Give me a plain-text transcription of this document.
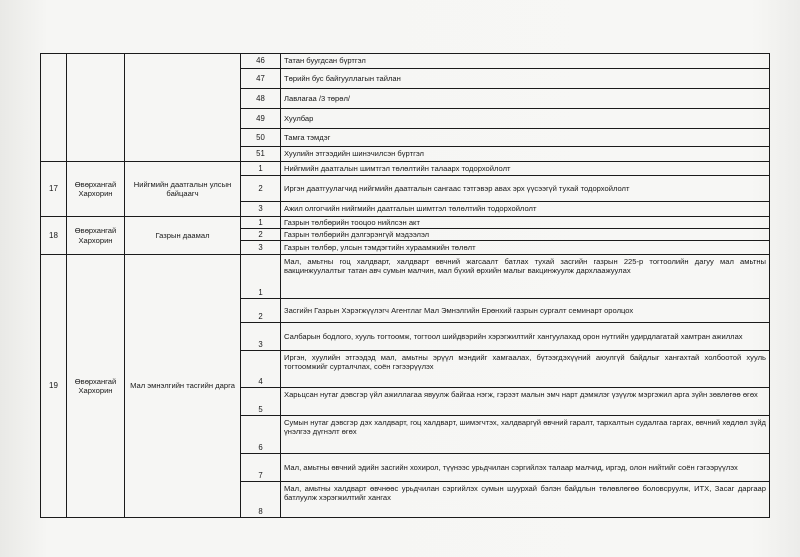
			46	Татан буугдсан бүртгэл
			47	Төрийн бус байгууллагын тайлан
			48	Лавлагаа /3 төрөл/
			49	Хуулбар
			50	Тамга тэмдэг
			51	Хуулийн этгээдийн шинэчилсэн бүртгэл
17	Өвөрхангай Хархорин	Нийгмийн даатгалын улсын байцаагч	1	Нийгмийн даатгалын шимтгэл төлөлтийн талаарх тодорхойлолт
			2	Иргэн даатгуулагчид нийгмийн даатгалын сангаас тэтгэвэр авах эрх үүсээгүй тухай тодорхойлолт
			3	Ажил олгогчийн нийгмийн даатгалын шимтгэл төлөлтийн тодорхойлолт
18	Өвөрхангай Хархорин	Газрын даамал	1	Газрын төлбөрийн тооцоо нийлсэн акт
			2	Газрын төлбөрийн дэлгэрэнгүй мэдээлэл
			3	Газрын төлбөр, улсын тэмдэгтийн хураамжийн төлөлт
19	Өвөрхангай Хархорин	Мал эмнэлгийн тасгийн дарга	1	Мал, амьтны гоц халдварт, халдварт өвчний жагсаалт батлах тухай засгийн газрын 225-р тогтоолийн дагуу мал амьтны вакцинжуулалтыг татан авч сумын малчин, мал бүхий өрхийн малыг вакцинжуулж дархлаажуулах
			2	Засгийн Газрын Хэрэгжүүлэгч Агентлаг Мал Эмнэлгийн Ерөнхий газрын сургалт семинарт оролцох
			3	Салбарын бодлого, хууль тогтоомж, тогтоол шийдвэрийн хэрэгжилтийг хангуулахад орон нутгийн удирдлагатай хамтран ажиллах
			4	Иргэн, хуулийн этгээдэд мал, амьтны эрүүл мэндийг хамгаалах, бүтээгдэхүүний аюулгүй байдлыг хангахтай холбоотой хууль тогтоомжийг сурталчлах, соён гэгээрүүлэх
			5	Харьцсан нутаг дэвсгэр үйл ажиллагаа явуулж байгаа нэгж, гэрээт малын эмч нарт дэмжлэг үзүүлж мэргэжил арга зүйн зөвлөгөө өгөх
			6	Сумын нутаг дэвсгэр дэх халдварт, гоц халдварт, шимэгчтэх, халдваргүй өвчний гаралт, тархалтын судалгаа гаргах, өвчний хөдлөл зүйд үнэлгээ дүгнэлт өгөх
			7	Мал, амьтны өвчний эдийн засгийн хохирол, түүнээс урьдчилан сэргийлэх талаар малчид, иргэд, олон нийтийг соён гэгээрүүлэх
			8	Мал, амьтны халдварт өвчнөөс урьдчилан сэргийлэх сумын шуурхай бэлэн байдлын төлөвлөгөө боловсруулж, ИТХ, Засаг даргаар батлуулж хэрэгжилтийг хангах
